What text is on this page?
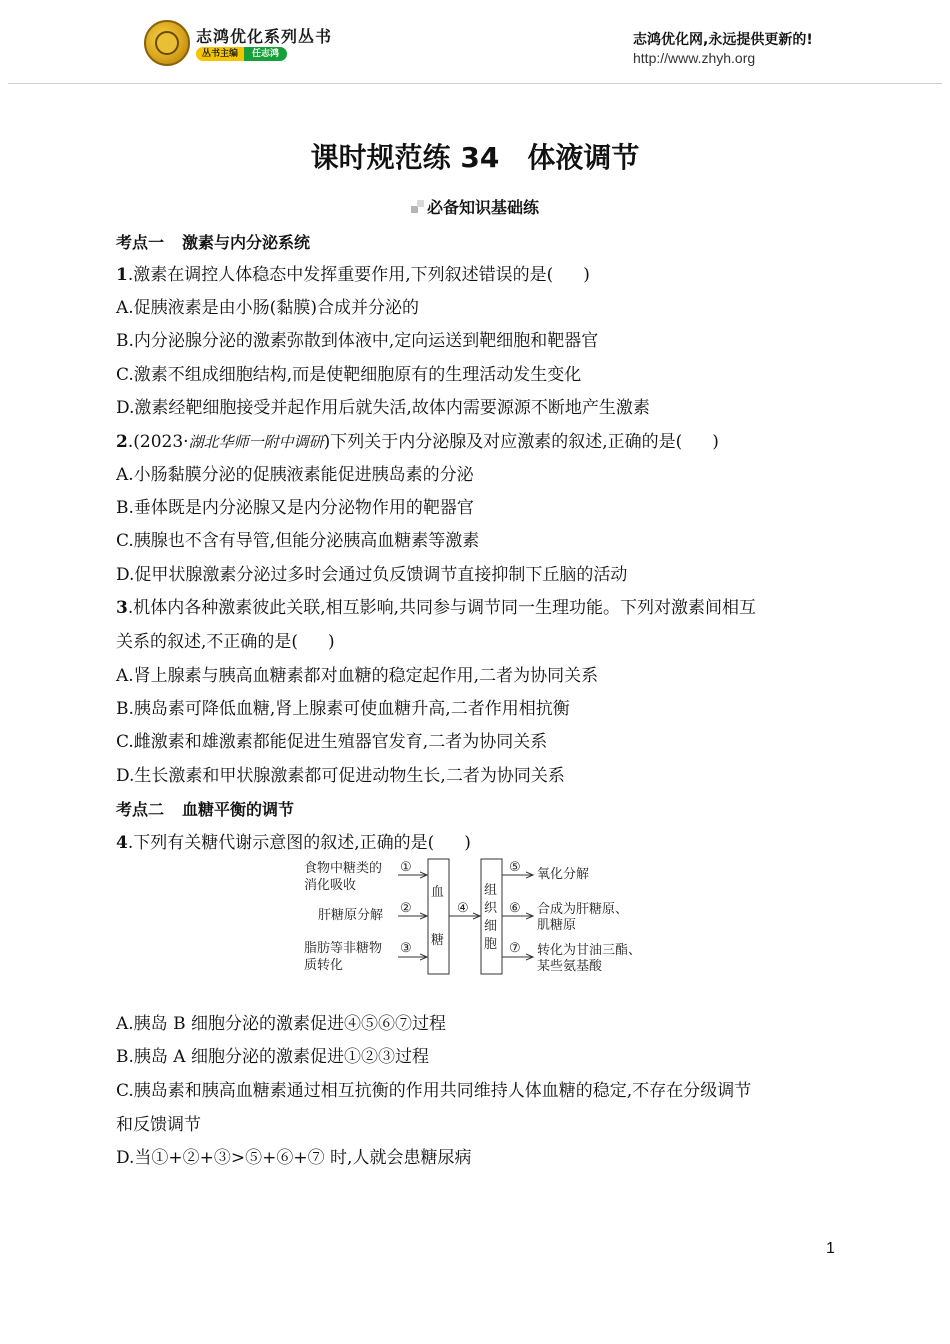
志鸿优化系列丛书
丛书主编	任志鸿
志鸿优化网,永远提供更新的!
http://www.zhyh.org
课时规范练 34　体液调节
必备知识基础练
考点一 激素与内分泌系统
1.激素在调控人体稳态中发挥重要作用,下列叙述错误的是( )
A.促胰液素是由小肠(黏膜)合成并分泌的
B.内分泌腺分泌的激素弥散到体液中,定向运送到靶细胞和靶器官
C.激素不组成细胞结构,而是使靶细胞原有的生理活动发生变化
D.激素经靶细胞接受并起作用后就失活,故体内需要源源不断地产生激素
2.(2023·湖北华师一附中调研)下列关于内分泌腺及对应激素的叙述,正确的是( )
A.小肠黏膜分泌的促胰液素能促进胰岛素的分泌
B.垂体既是内分泌腺又是内分泌物作用的靶器官
C.胰腺也不含有导管,但能分泌胰高血糖素等激素
D.促甲状腺激素分泌过多时会通过负反馈调节直接抑制下丘脑的活动
3.机体内各种激素彼此关联,相互影响,共同参与调节同一生理功能。下列对激素间相互
关系的叙述,不正确的是( )
A.肾上腺素与胰高血糖素都对血糖的稳定起作用,二者为协同关系
B.胰岛素可降低血糖,肾上腺素可使血糖升高,二者作用相抗衡
C.雌激素和雄激素都能促进生殖器官发育,二者为协同关系
D.生长激素和甲状腺激素都可促进动物生长,二者为协同关系
考点二 血糖平衡的调节
4.下列有关糖代谢示意图的叙述,正确的是( )
食物中糖类的
消化吸收
肝糖原分解
脂肪等非糖物
质转化
①
②
③
④
⑤
⑥
⑦
血
糖
组
织
细
胞
氧化分解
合成为肝糖原、
肌糖原
转化为甘油三酯、
某些氨基酸
A.胰岛 B 细胞分泌的激素促进④⑤⑥⑦过程
B.胰岛 A 细胞分泌的激素促进①②③过程
C.胰岛素和胰高血糖素通过相互抗衡的作用共同维持人体血糖的稳定,不存在分级调节
和反馈调节
D.当①+②+③>⑤+⑥+⑦ 时,人就会患糖尿病
1
